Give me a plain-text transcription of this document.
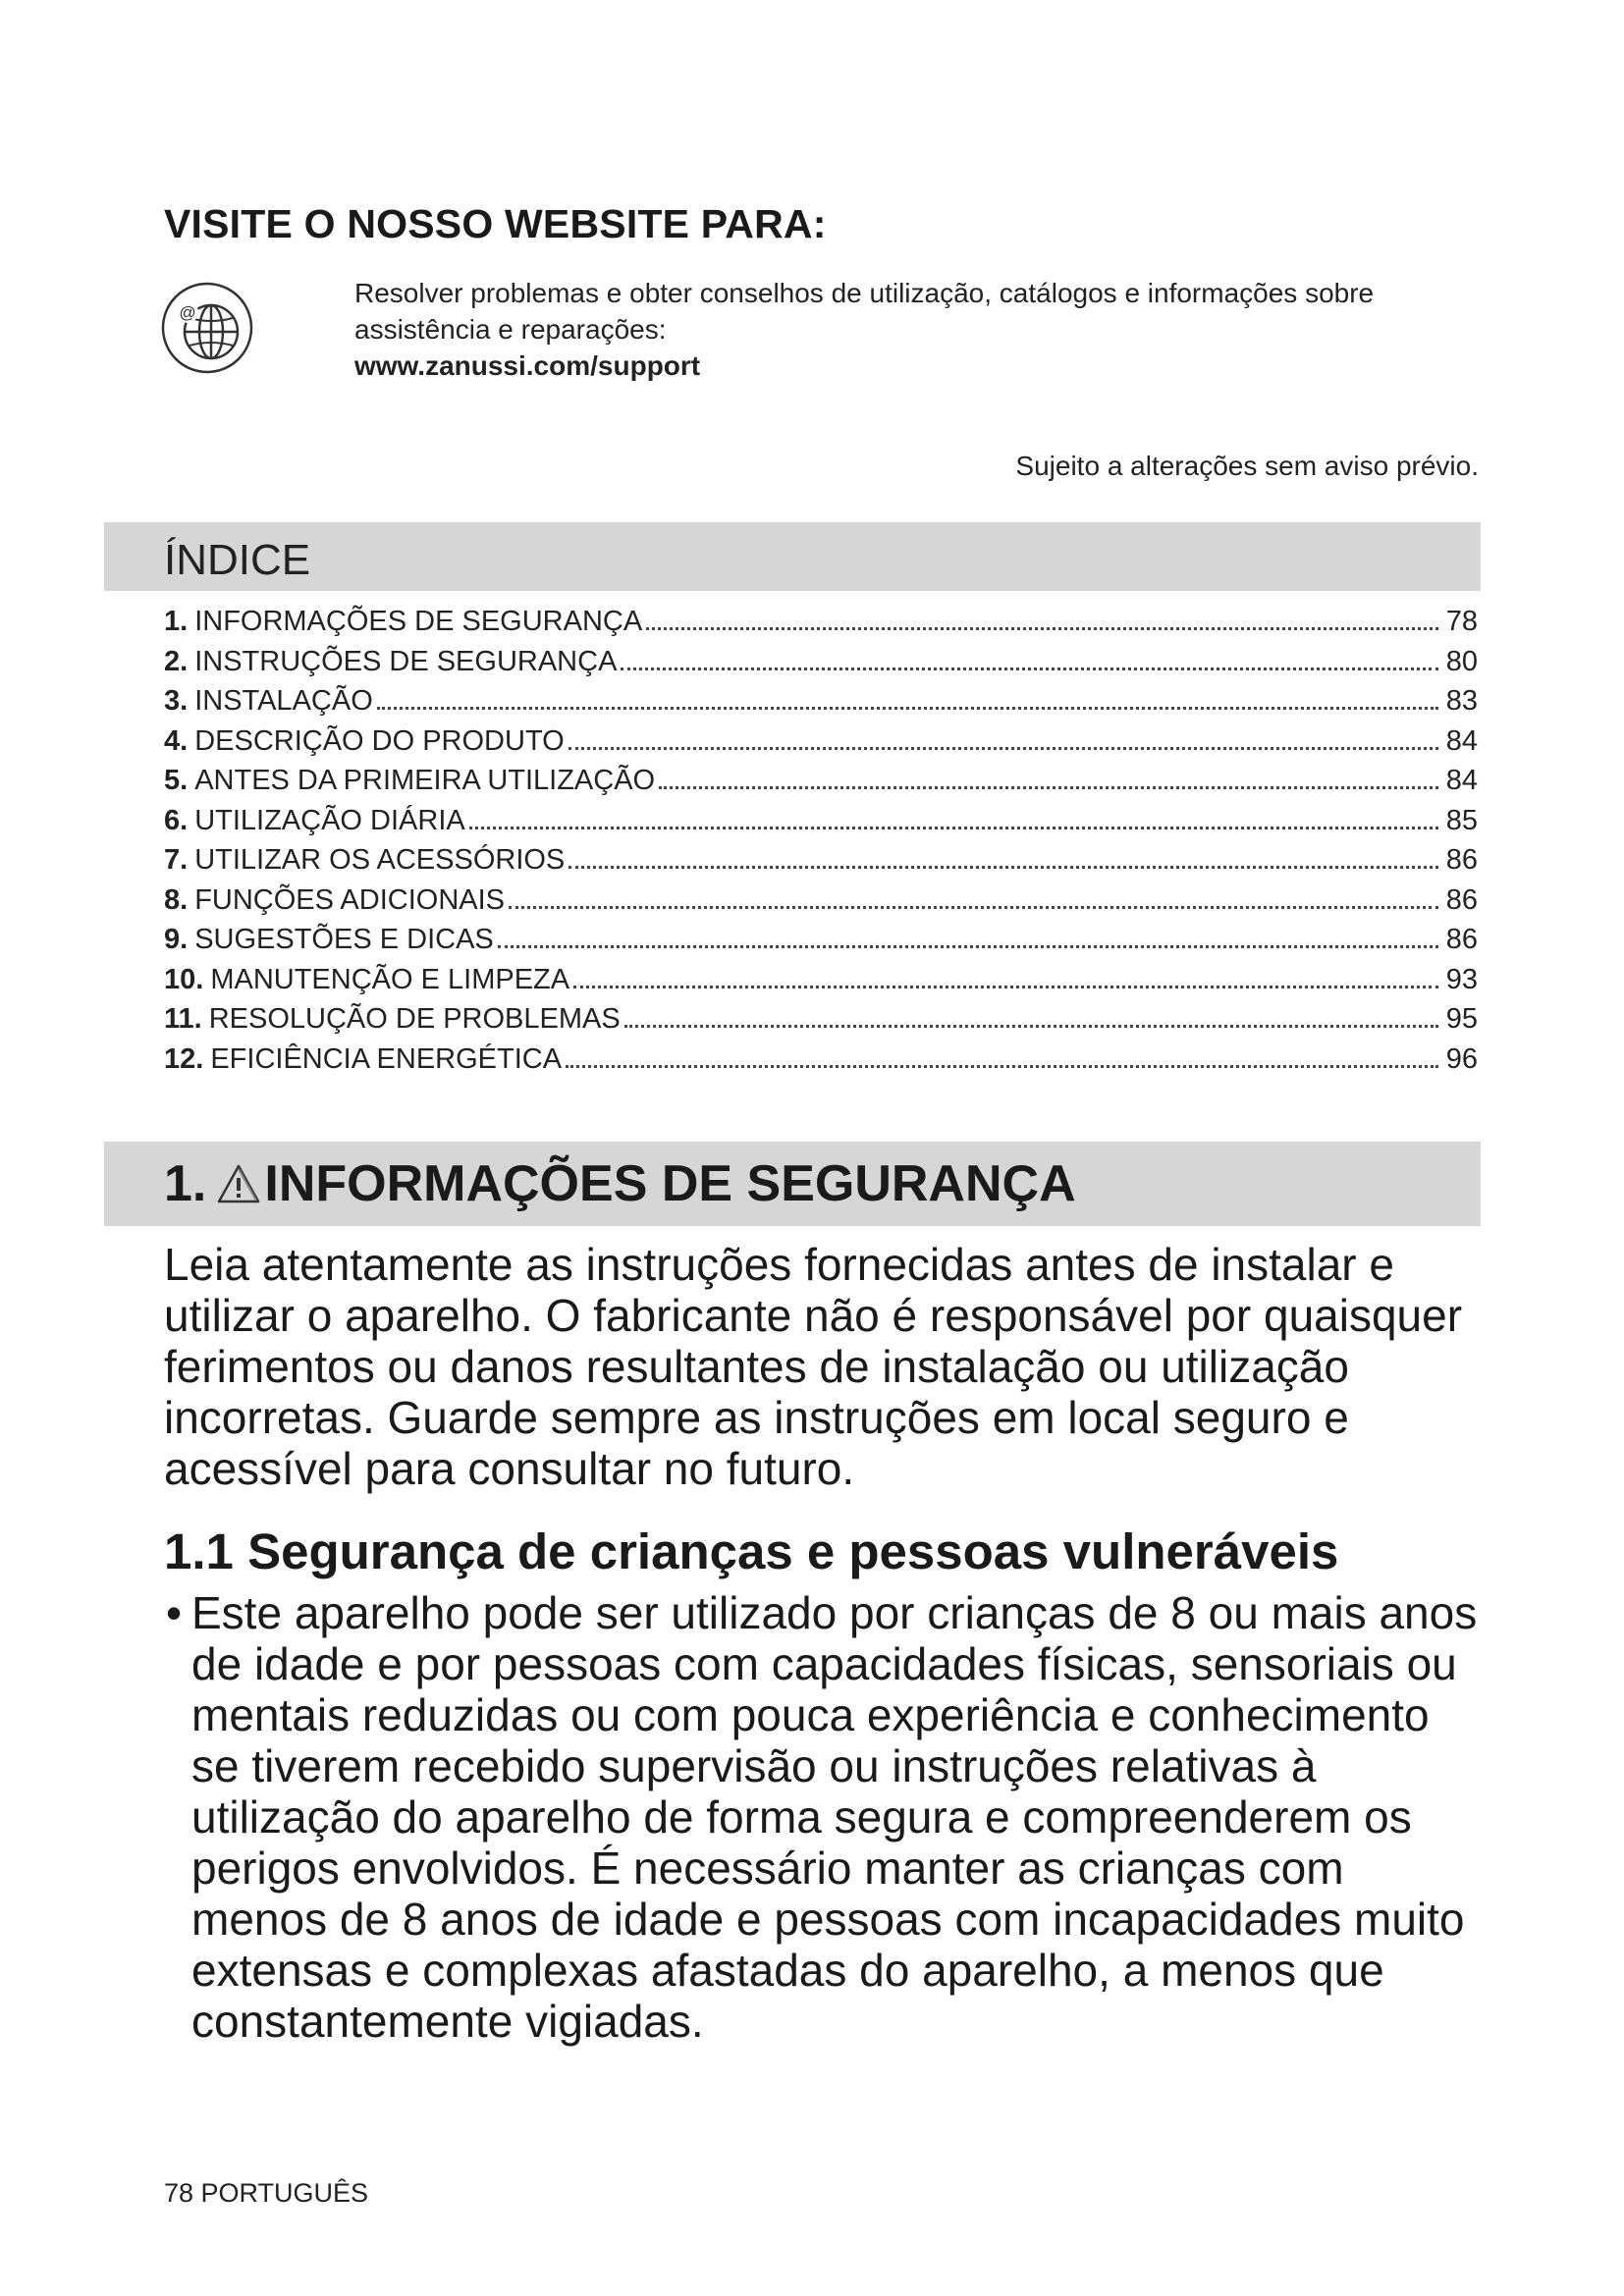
VISITE O NOSSO WEBSITE PARA:
@
Resolver problemas e obter conselhos de utilização, catálogos e informações sobre assistência e reparações:
www.zanussi.com/support
Sujeito a alterações sem aviso prévio.
ÍNDICE
1. INFORMAÇÕES DE SEGURANÇA	78
2. INSTRUÇÕES DE SEGURANÇA	80
3. INSTALAÇÃO	83
4. DESCRIÇÃO DO PRODUTO	84
5. ANTES DA PRIMEIRA UTILIZAÇÃO	84
6. UTILIZAÇÃO DIÁRIA	85
7. UTILIZAR OS ACESSÓRIOS	86
8. FUNÇÕES ADICIONAIS	86
9. SUGESTÕES E DICAS	86
10. MANUTENÇÃO E LIMPEZA	93
11. RESOLUÇÃO DE PROBLEMAS	95
12. EFICIÊNCIA ENERGÉTICA	96
1. INFORMAÇÕES DE SEGURANÇA
Leia atentamente as instruções fornecidas antes de instalar e utilizar o aparelho. O fabricante não é responsável por quaisquer ferimentos ou danos resultantes de instalação ou utilização incorretas. Guarde sempre as instruções em local seguro e acessível para consultar no futuro.
1.1 Segurança de crianças e pessoas vulneráveis
• Este aparelho pode ser utilizado por crianças de 8 ou mais anos de idade e por pessoas com capacidades físicas, sensoriais ou mentais reduzidas ou com pouca experiência e conhecimento se tiverem recebido supervisão ou instruções relativas à utilização do aparelho de forma segura e compreenderem os perigos envolvidos. É necessário manter as crianças com menos de 8 anos de idade e pessoas com incapacidades muito extensas e complexas afastadas do aparelho, a menos que constantemente vigiadas.
78 PORTUGUÊS
